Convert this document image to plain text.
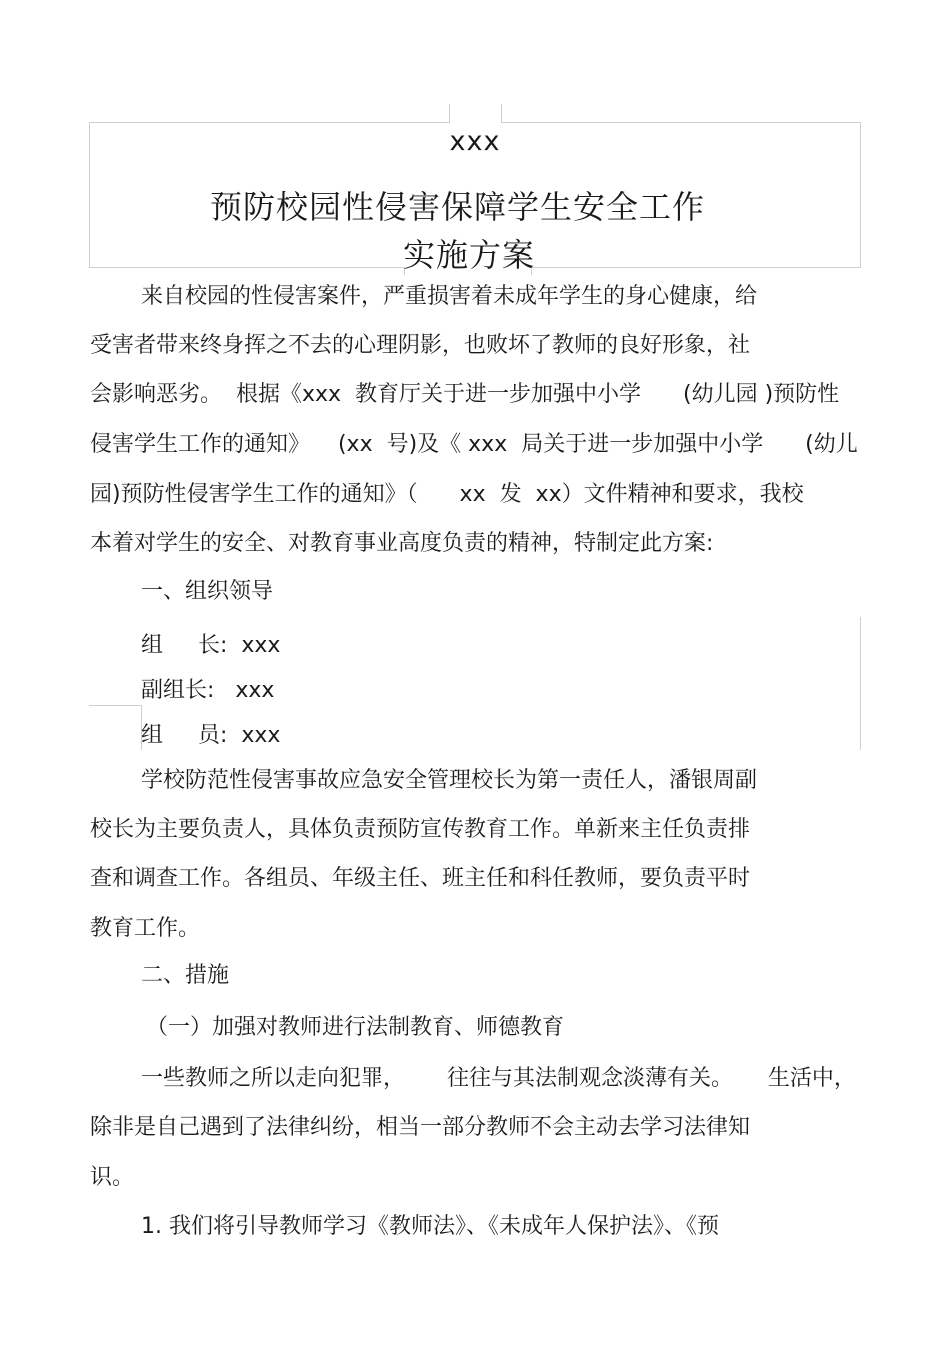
xxx
预防校园性侵害保障学生安全工作
实施方案
来自校园的性侵害案件，严重损害着未成年学生的身心健康，给
受害者带来终身挥之不去的心理阴影，也败坏了教师的良好形象，社
会影响恶劣。  根据《xxx  教育厅关于进一步加强中小学      (幼儿园 )预防性
侵害学生工作的通知》    (xx  号)及《 xxx  局关于进一步加强中小学      (幼儿
园)预防性侵害学生工作的通知》（      xx  发  xx）文件精神和要求，我校
本着对学生的安全、对教育事业高度负责的精神，特制定此方案:
一、组织领导
组     长:  xxx
副组长:   xxx
组     员:  xxx
学校防范性侵害事故应急安全管理校长为第一责任人，潘银周副
校长为主要负责人，具体负责预防宣传教育工作。单新来主任负责排
查和调查工作。各组员、年级主任、班主任和科任教师，要负责平时
教育工作。
二、措施
（一）加强对教师进行法制教育、师德教育
一些教师之所以走向犯罪，      往往与其法制观念淡薄有关。     生活中，
除非是自己遇到了法律纠纷，相当一部分教师不会主动去学习法律知
识。
1. 我们将引导教师学习《教师法》、《未成年人保护法》、《预
